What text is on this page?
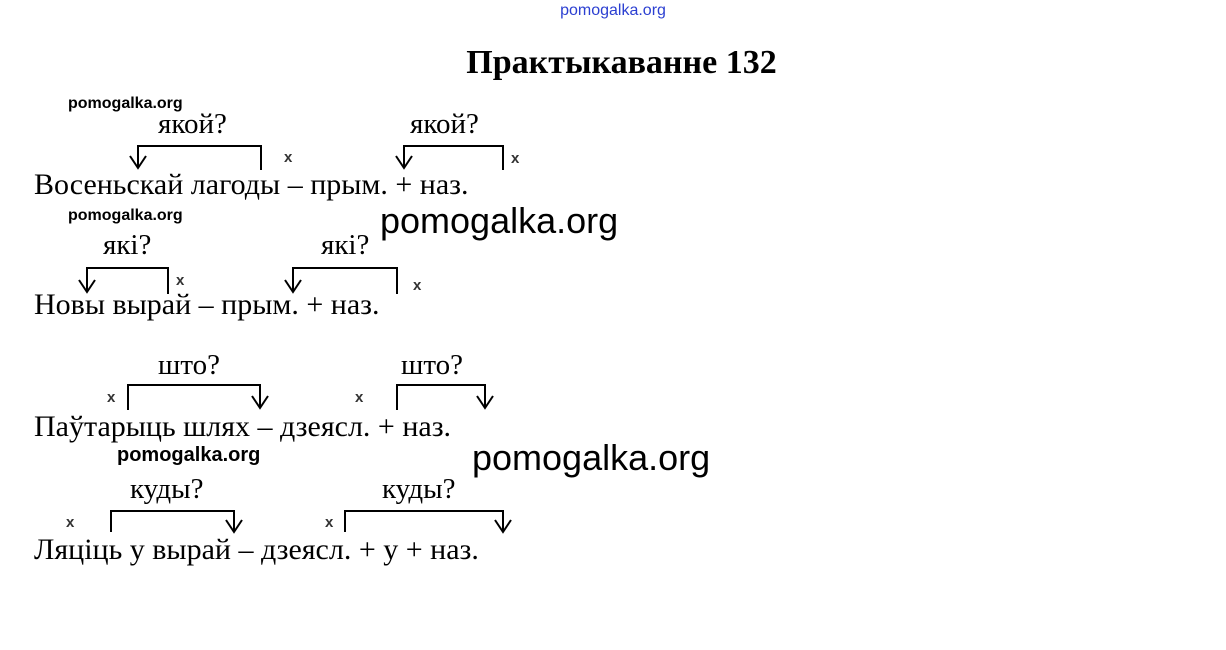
pomogalka.org
Практыкаванне 132
якой?	якой?
x	x
Восеньскай лагоды – прым. + наз.
які?	які?
x	x
Новы вырай – прым. + наз.
што?	што?
x	x
Паўтарыць шлях – дзеясл. + наз.
куды?	куды?
x	x
Ляціць у вырай – дзеясл. + у + наз.
pomogalka.org
pomogalka.org	pomogalka.org
pomogalka.org	pomogalka.org
